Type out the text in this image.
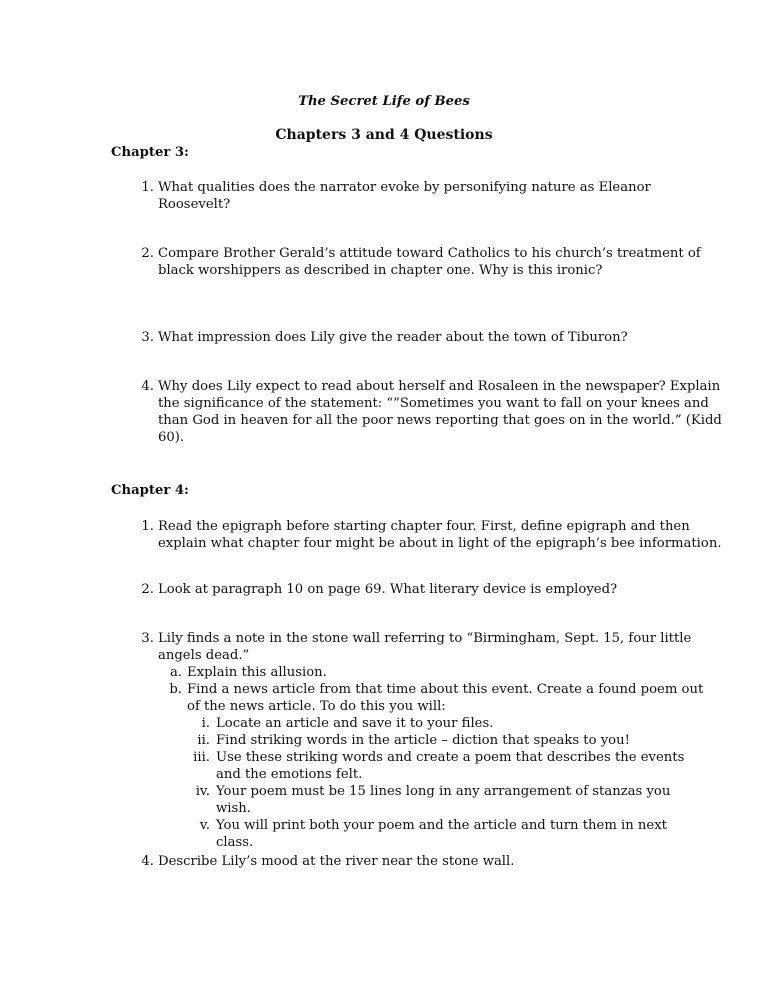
The Secret Life of Bees
Chapters 3 and 4 Questions
Chapter 3:
1. What qualities does the narrator evoke by personifying nature as Eleanor
Roosevelt?
2. Compare Brother Gerald’s attitude toward Catholics to his church’s treatment of
black worshippers as described in chapter one. Why is this ironic?
3. What impression does Lily give the reader about the town of Tiburon?
4. Why does Lily expect to read about herself and Rosaleen in the newspaper? Explain
the significance of the statement: “”Sometimes you want to fall on your knees and
than God in heaven for all the poor news reporting that goes on in the world.” (Kidd
60).
Chapter 4:
1. Read the epigraph before starting chapter four. First, define epigraph and then
explain what chapter four might be about in light of the epigraph’s bee information.
2. Look at paragraph 10 on page 69. What literary device is employed?
3. Lily finds a note in the stone wall referring to “Birmingham, Sept. 15, four little
angels dead.”
a. Explain this allusion.
b. Find a news article from that time about this event. Create a found poem out
of the news article. To do this you will:
i. Locate an article and save it to your files.
ii. Find striking words in the article – diction that speaks to you!
iii. Use these striking words and create a poem that describes the events
and the emotions felt.
iv. Your poem must be 15 lines long in any arrangement of stanzas you
wish.
v. You will print both your poem and the article and turn them in next
class.
4. Describe Lily’s mood at the river near the stone wall.
